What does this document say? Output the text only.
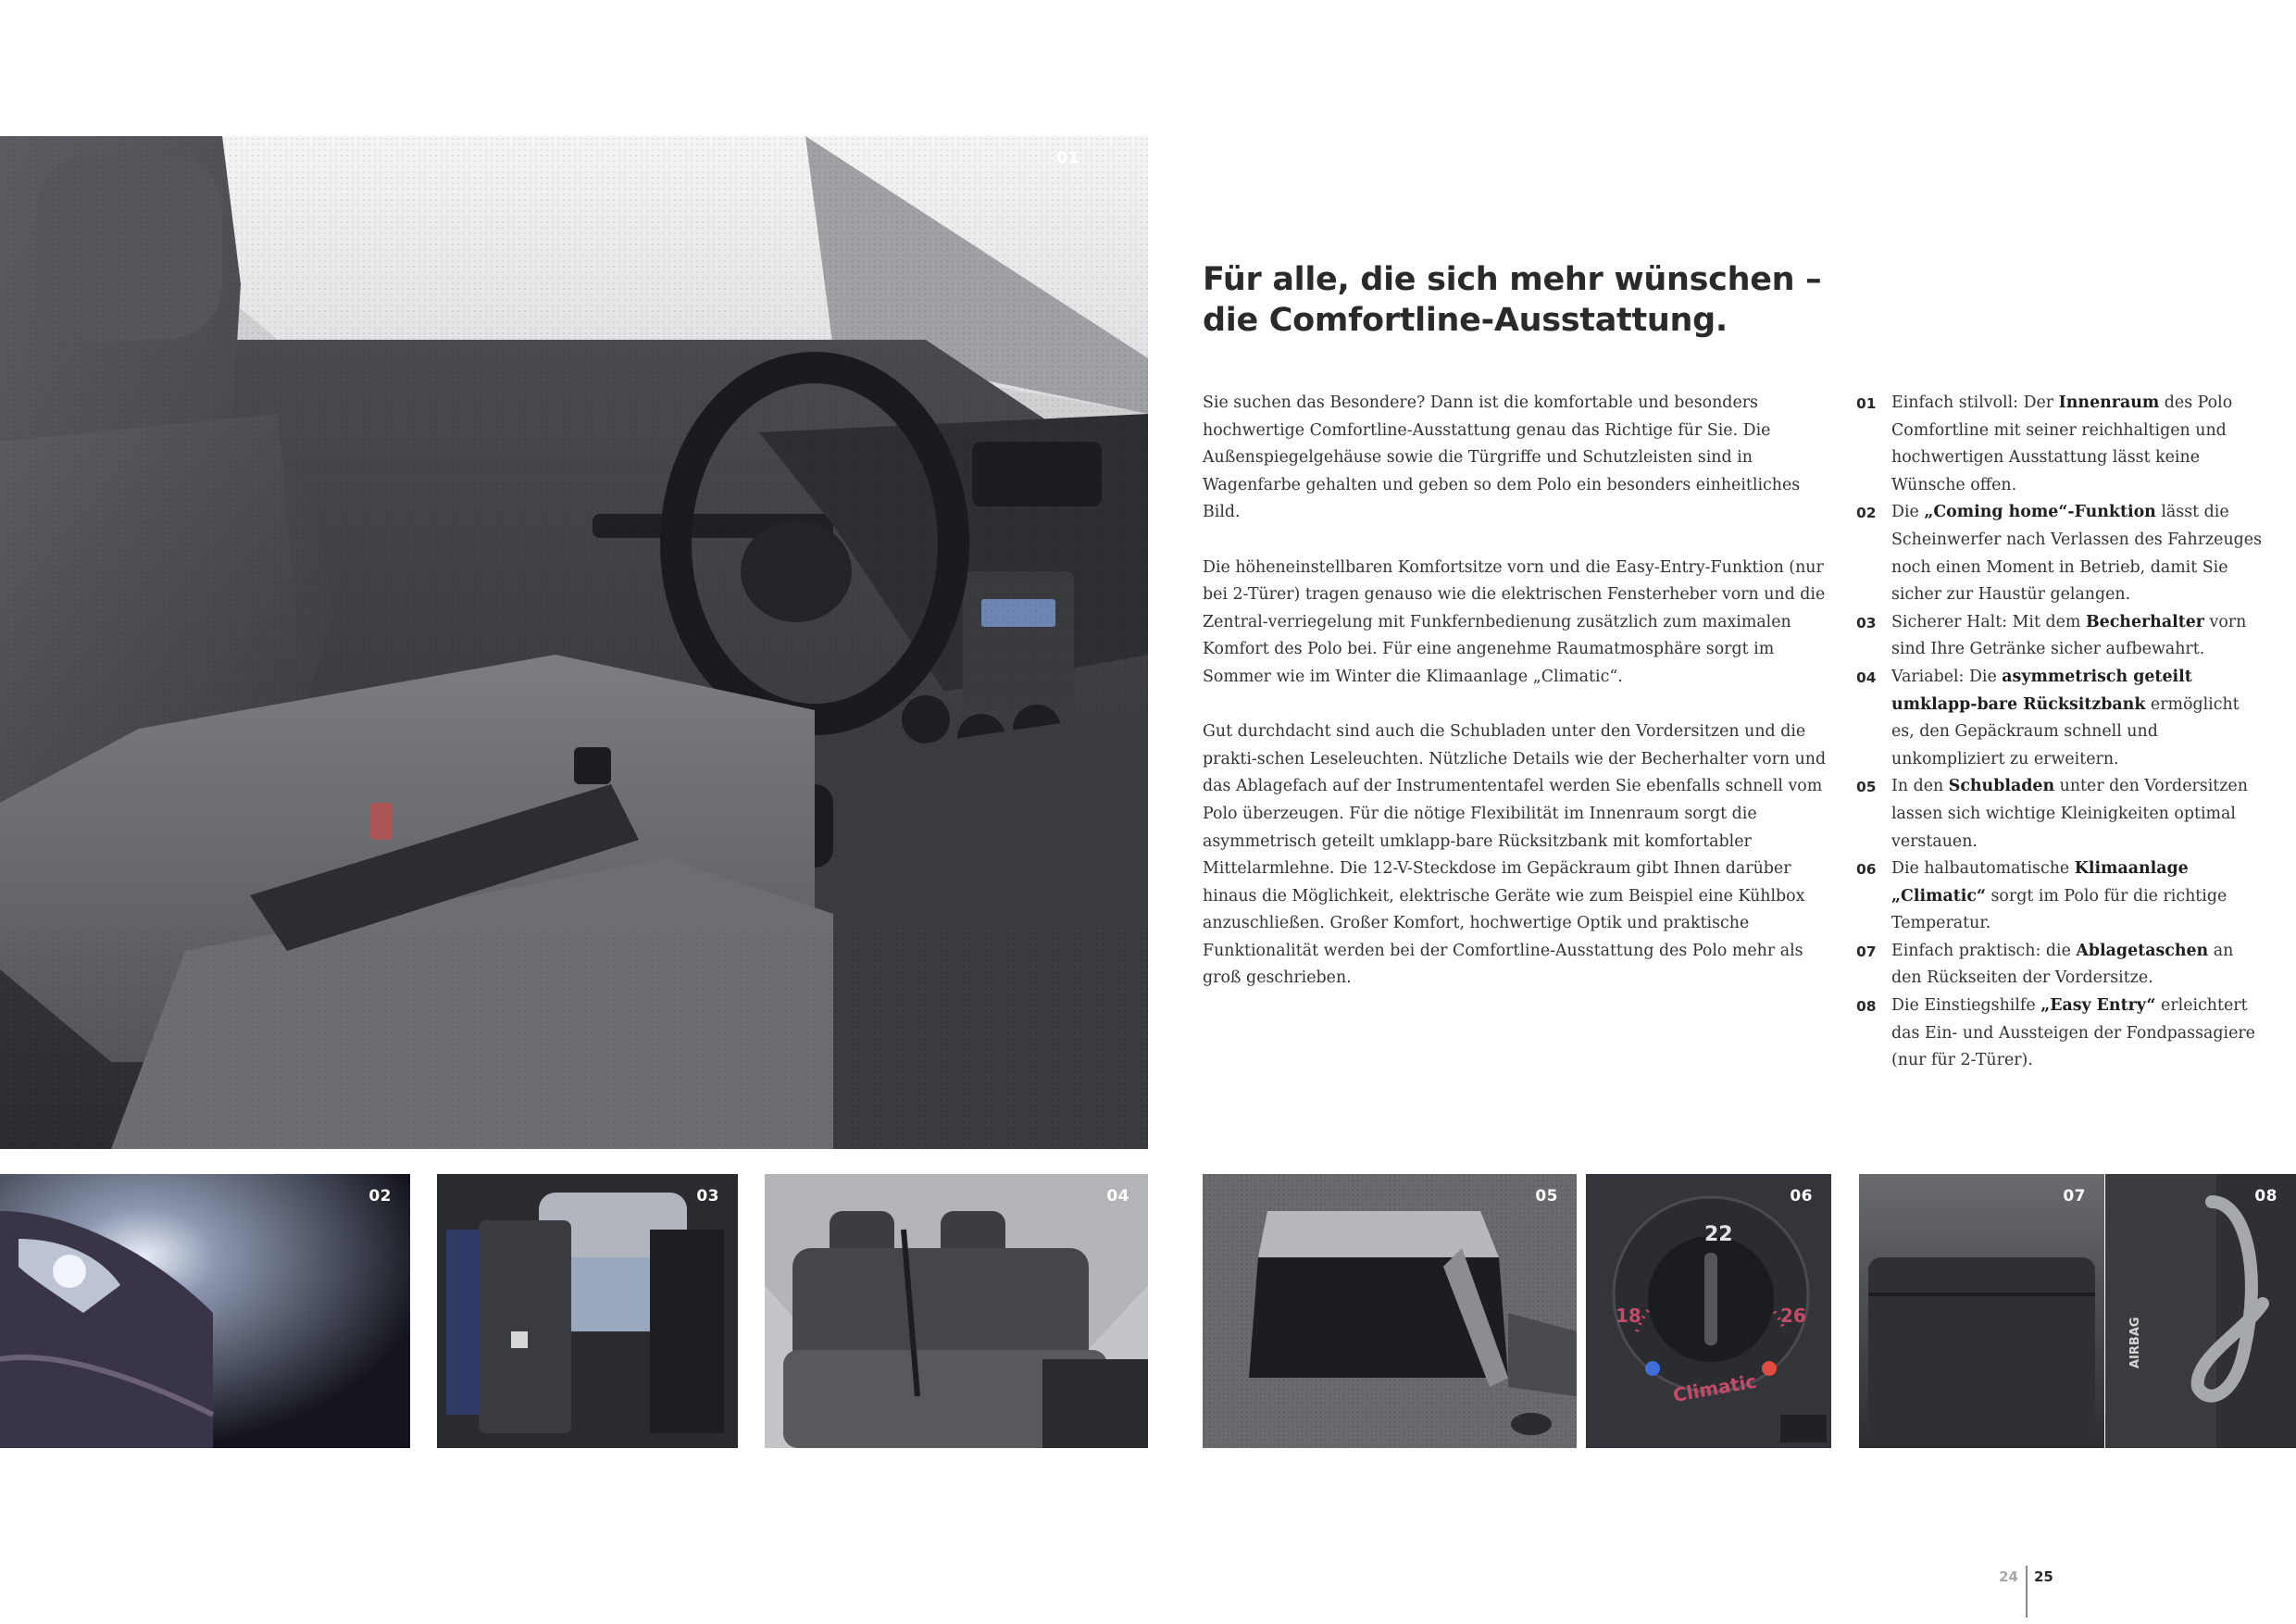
01
Für alle, die sich mehr wünschen –
die Comfortline-Ausstattung.

Sie suchen das Besondere? Dann ist die komfortable und besonders hochwertige Comfortline-Ausstattung genau das Richtige für Sie. Die Außenspiegelgehäuse sowie die Türgriffe und Schutzleisten sind in Wagenfarbe gehalten und geben so dem Polo ein besonders einheitliches Bild.

Die höheneinstellbaren Komfortsitze vorn und die Easy-Entry-Funktion (nur bei 2-Türer) tragen genauso wie die elektrischen Fensterheber vorn und die Zentral-verriegelung mit Funkfernbedienung zusätzlich zum maximalen Komfort des Polo bei. Für eine angenehme Raumatmosphäre sorgt im Sommer wie im Winter die Klimaanlage „Climatic“.

Gut durchdacht sind auch die Schubladen unter den Vordersitzen und die prakti-schen Leseleuchten. Nützliche Details wie der Becherhalter vorn und das Ablagefach auf der Instrumententafel werden Sie ebenfalls schnell vom Polo überzeugen. Für die nötige Flexibilität im Innenraum sorgt die asymmetrisch geteilt umklapp-bare Rücksitzbank mit komfortabler Mittelarmlehne. Die 12-V-Steckdose im Gepäckraum gibt Ihnen darüber hinaus die Möglichkeit, elektrische Geräte wie zum Beispiel eine Kühlbox anzuschließen. Großer Komfort, hochwertige Optik und praktische Funktionalität werden bei der Comfortline-Ausstattung des Polo mehr als groß geschrieben.

01 Einfach stilvoll: Der Innenraum des Polo Comfortline mit seiner reichhaltigen und hochwertigen Ausstattung lässt keine Wünsche offen.
02 Die „Coming home“-Funktion lässt die Scheinwerfer nach Verlassen des Fahrzeuges noch einen Moment in Betrieb, damit Sie sicher zur Haustür gelangen.
03 Sicherer Halt: Mit dem Becherhalter vorn sind Ihre Getränke sicher aufbewahrt.
04 Variabel: Die asymmetrisch geteilt umklapp-bare Rücksitzbank ermöglicht es, den Gepäckraum schnell und unkompliziert zu erweitern.
05 In den Schubladen unter den Vordersitzen lassen sich wichtige Kleinigkeiten optimal verstauen.
06 Die halbautomatische Klimaanlage „Climatic“ sorgt im Polo für die richtige Temperatur.
07 Einfach praktisch: die Ablagetaschen an den Rückseiten der Vordersitze.
08 Die Einstiegshilfe „Easy Entry“ erleichtert das Ein- und Aussteigen der Fondpassagiere (nur für 2-Türer).
02	03	04	05
22
18	26
Climatic
06	07
AIRBAG
08
24 25
